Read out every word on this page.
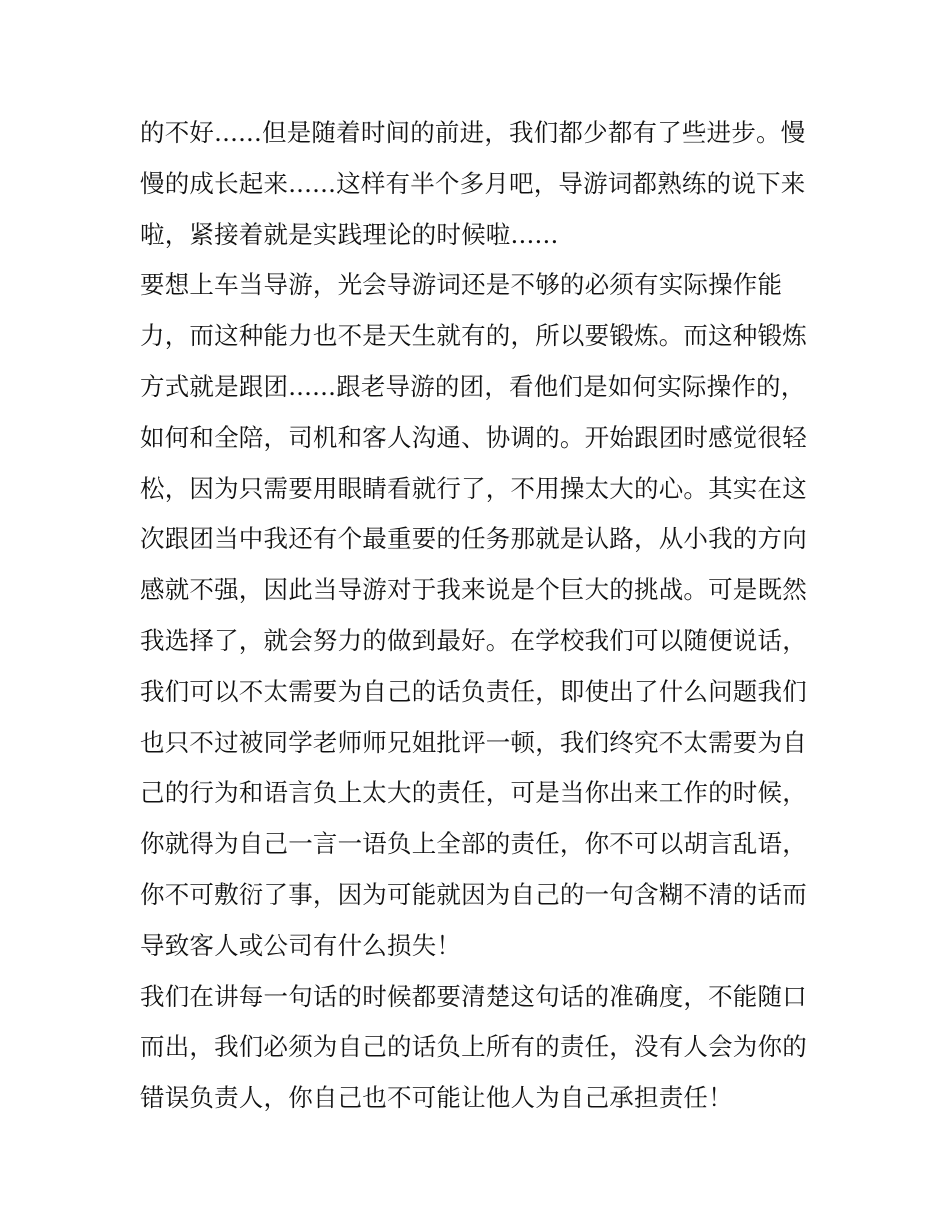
的不好......但是随着时间的前进，我们都少都有了些进步。慢
慢的成长起来......这样有半个多月吧，导游词都熟练的说下来
啦，紧接着就是实践理论的时候啦......
要想上车当导游，光会导游词还是不够的必须有实际操作能
力，而这种能力也不是天生就有的，所以要锻炼。而这种锻炼
方式就是跟团......跟老导游的团，看他们是如何实际操作的，
如何和全陪，司机和客人沟通、协调的。开始跟团时感觉很轻
松，因为只需要用眼睛看就行了，不用操太大的心。其实在这
次跟团当中我还有个最重要的任务那就是认路，从小我的方向
感就不强，因此当导游对于我来说是个巨大的挑战。可是既然
我选择了，就会努力的做到最好。在学校我们可以随便说话，
我们可以不太需要为自己的话负责任，即使出了什么问题我们
也只不过被同学老师师兄姐批评一顿，我们终究不太需要为自
己的行为和语言负上太大的责任，可是当你出来工作的时候，
你就得为自己一言一语负上全部的责任，你不可以胡言乱语，
你不可敷衍了事，因为可能就因为自己的一句含糊不清的话而
导致客人或公司有什么损失！
我们在讲每一句话的时候都要清楚这句话的准确度，不能随口
而出，我们必须为自己的话负上所有的责任，没有人会为你的
错误负责人，你自己也不可能让他人为自己承担责任！
